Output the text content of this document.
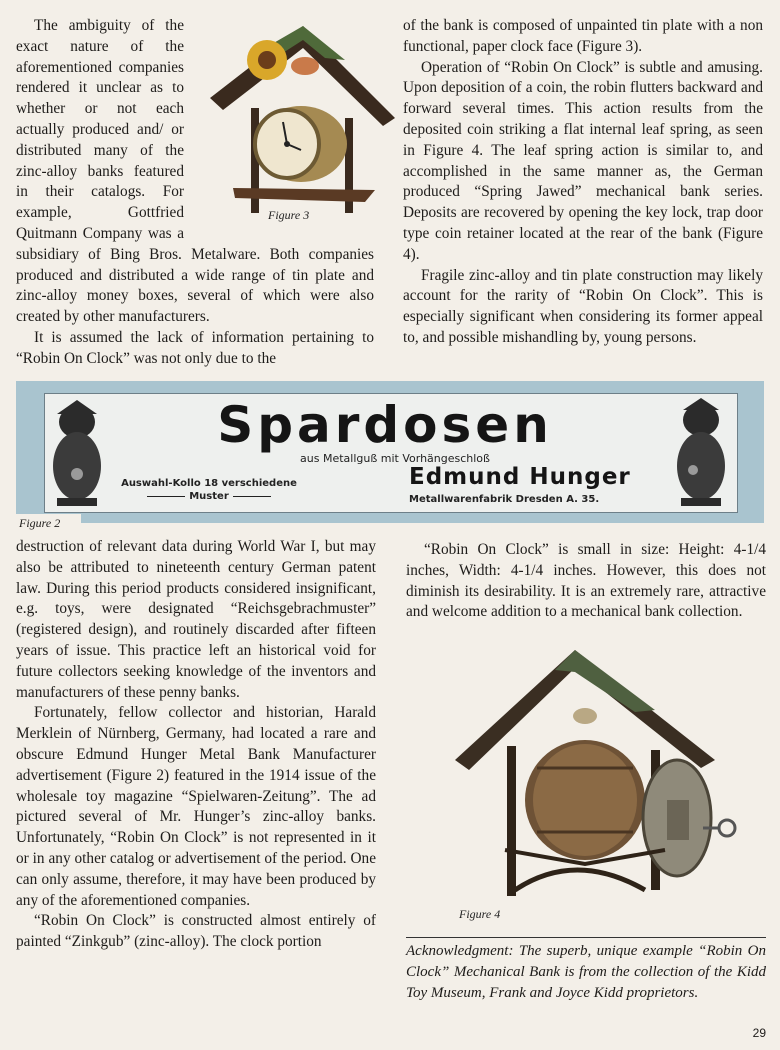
The ambiguity of the exact nature of the aforementioned companies rendered it unclear as to whether or not each actually produced and/ or distributed many of the zinc-alloy banks featured in their catalogs. For example, Gottfried Quitmann Company was a subsidiary of Bing Bros. Metalware. Both companies produced and distributed a wide range of tin plate and zinc-alloy money boxes, several of which were also created by other manufacturers.

It is assumed the lack of information pertaining to “Robin On Clock” was not only due to the

Figure 3

of the bank is composed of unpainted tin plate with a non functional, paper clock face (Figure 3).

Operation of “Robin On Clock” is subtle and amusing. Upon deposition of a coin, the robin flutters backward and forward several times. This action results from the deposited coin striking a flat internal leaf spring, as seen in Figure 4. The leaf spring action is similar to, and accomplished in the same manner as, the German produced “Spring Jawed” mechanical bank series. Deposits are recovered by opening the key lock, trap door type coin retainer located at the rear of the bank (Figure 4).

Fragile zinc-alloy and tin plate construction may likely account for the rarity of “Robin On Clock”. This is especially significant when considering its former appeal to, and possible mishandling by, young persons.

Spardosen
aus Metallguß mit Vorhängeschloß
Auswahl-Kollo 18 verschiedene
Muster
Edmund Hunger
Metallwarenfabrik Dresden A. 35.
Figure 2

destruction of relevant data during World War I, but may also be attributed to nineteenth century German patent law. During this period products considered insignificant, e.g. toys, were designated “Reichsgebrachmuster” (registered design), and routinely discarded after fifteen years of issue. This practice left an historical void for future collectors seeking knowledge of the inventors and manufacturers of these penny banks.

Fortunately, fellow collector and historian, Harald Merklein of Nürnberg, Germany, had located a rare and obscure Edmund Hunger Metal Bank Manufacturer advertisement (Figure 2) featured in the 1914 issue of the wholesale toy magazine “Spielwaren-Zeitung”. The ad pictured several of Mr. Hunger’s zinc-alloy banks. Unfortunately, “Robin On Clock” is not represented in it or in any other catalog or advertisement of the period. One can only assume, therefore, it may have been produced by any of the aforementioned companies.

“Robin On Clock” is constructed almost entirely of painted “Zinkgub” (zinc-alloy). The clock portion

“Robin On Clock” is small in size: Height: 4-1/4 inches, Width: 4-1/4 inches. However, this does not diminish its desirability. It is an extremely rare, attractive and welcome addition to a mechanical bank collection.

Figure 4

Acknowledgment: The superb, unique example “Robin On Clock” Mechanical Bank is from the collection of the Kidd Toy Museum, Frank and Joyce Kidd proprietors.

29
